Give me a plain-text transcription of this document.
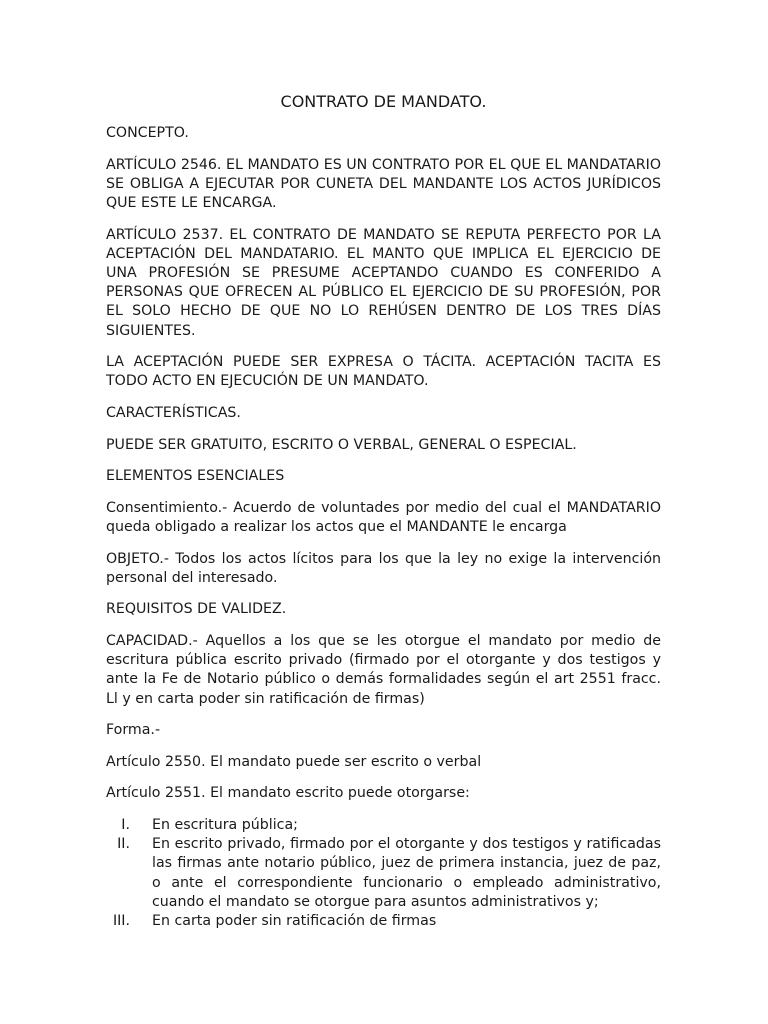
CONTRATO DE MANDATO.

CONCEPTO.

ARTÍCULO 2546. EL MANDATO ES UN CONTRATO POR EL QUE EL MANDATARIO SE OBLIGA A EJECUTAR POR CUNETA DEL MANDANTE LOS ACTOS JURÍDICOS QUE ESTE LE ENCARGA.

ARTÍCULO 2537. EL CONTRATO DE MANDATO SE REPUTA PERFECTO POR LA ACEPTACIÓN DEL MANDATARIO. EL MANTO QUE IMPLICA EL EJERCICIO DE UNA PROFESIÓN SE PRESUME ACEPTANDO CUANDO ES CONFERIDO A PERSONAS QUE OFRECEN AL PÚBLICO EL EJERCICIO DE SU PROFESIÓN, POR EL SOLO HECHO DE QUE NO LO REHÚSEN DENTRO DE LOS TRES DÍAS SIGUIENTES.

LA ACEPTACIÓN PUEDE SER EXPRESA O TÁCITA. ACEPTACIÓN TACITA ES TODO ACTO EN EJECUCIÓN DE UN MANDATO.

CARACTERÍSTICAS.

PUEDE SER GRATUITO, ESCRITO O VERBAL, GENERAL O ESPECIAL.

ELEMENTOS ESENCIALES

Consentimiento.- Acuerdo de voluntades por medio del cual el MANDATARIO queda obligado a realizar los actos que el MANDANTE le encarga

OBJETO.- Todos los actos lícitos para los que la ley no exige la intervención personal del interesado.

REQUISITOS DE VALIDEZ.

CAPACIDAD.- Aquellos a los que se les otorgue el mandato por medio de escritura pública escrito privado (firmado por el otorgante y dos testigos y ante la Fe de Notario público o demás formalidades según el art 2551 fracc. Ll y en carta poder sin ratificación de firmas)

Forma.-

Artículo 2550. El mandato puede ser escrito o verbal

Artículo 2551. El mandato escrito puede otorgarse:

I. En escritura pública;
II. En escrito privado, firmado por el otorgante y dos testigos y ratificadas las firmas ante notario público, juez de primera instancia, juez de paz, o ante el correspondiente funcionario o empleado administrativo, cuando el mandato se otorgue para asuntos administrativos y;
III. En carta poder sin ratificación de firmas
